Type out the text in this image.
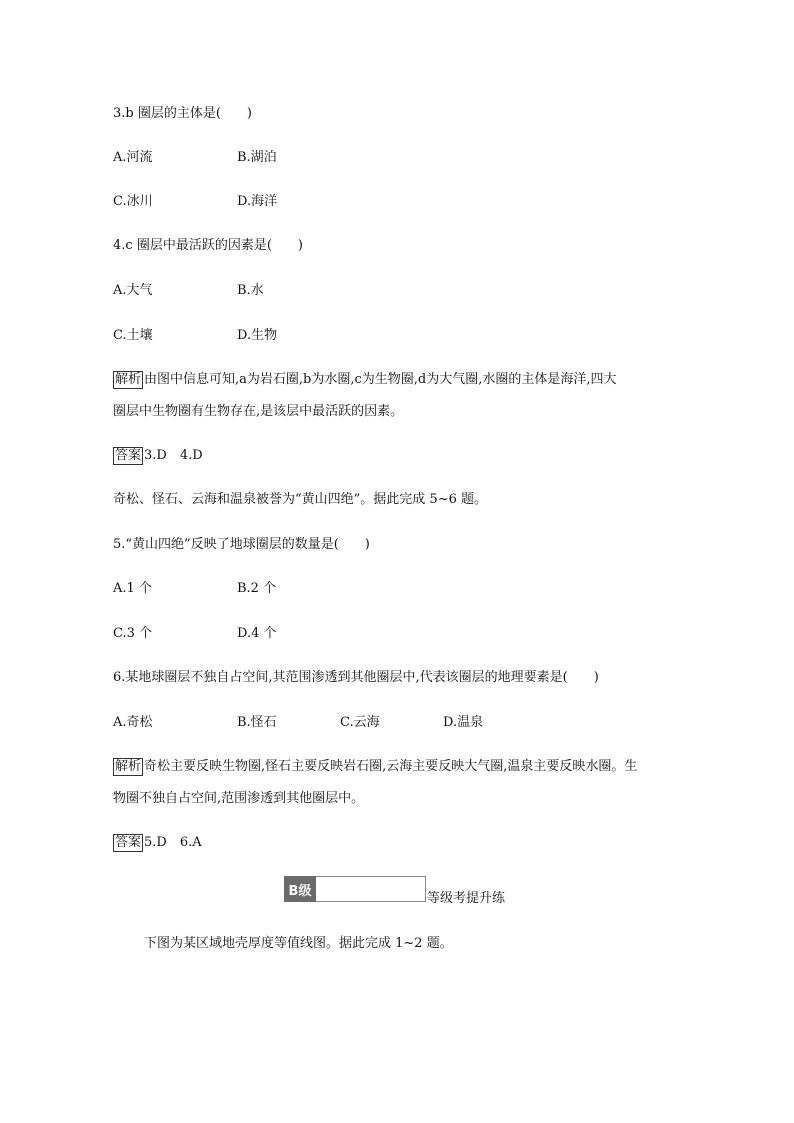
3.b 圈层的主体是(　　)
A.河流	B.湖泊
C.冰川	D.海洋
4.c 圈层中最活跃的因素是(　　)
A.大气	B.水
C.土壤	D.生物
解析 由图中信息可知,a为岩石圈,b为水圈,c为生物圈,d为大气圈,水圈的主体是海洋,四大
圈层中生物圈有生物存在,是该层中最活跃的因素。
答案 3.D　4.D
奇松、怪石、云海和温泉被誉为“黄山四绝”。据此完成 5~6 题。
5.“黄山四绝”反映了地球圈层的数量是(　　)
A.1 个	B.2 个
C.3 个	D.4 个
6.某地球圈层不独自占空间,其范围渗透到其他圈层中,代表该圈层的地理要素是(　　)
A.奇松	B.怪石	C.云海	D.温泉
解析 奇松主要反映生物圈,怪石主要反映岩石圈,云海主要反映大气圈,温泉主要反映水圈。生
物圈不独自占空间,范围渗透到其他圈层中。
答案 5.D　6.A
B级	等级考提升练
下图为某区域地壳厚度等值线图。据此完成 1~2 题。
